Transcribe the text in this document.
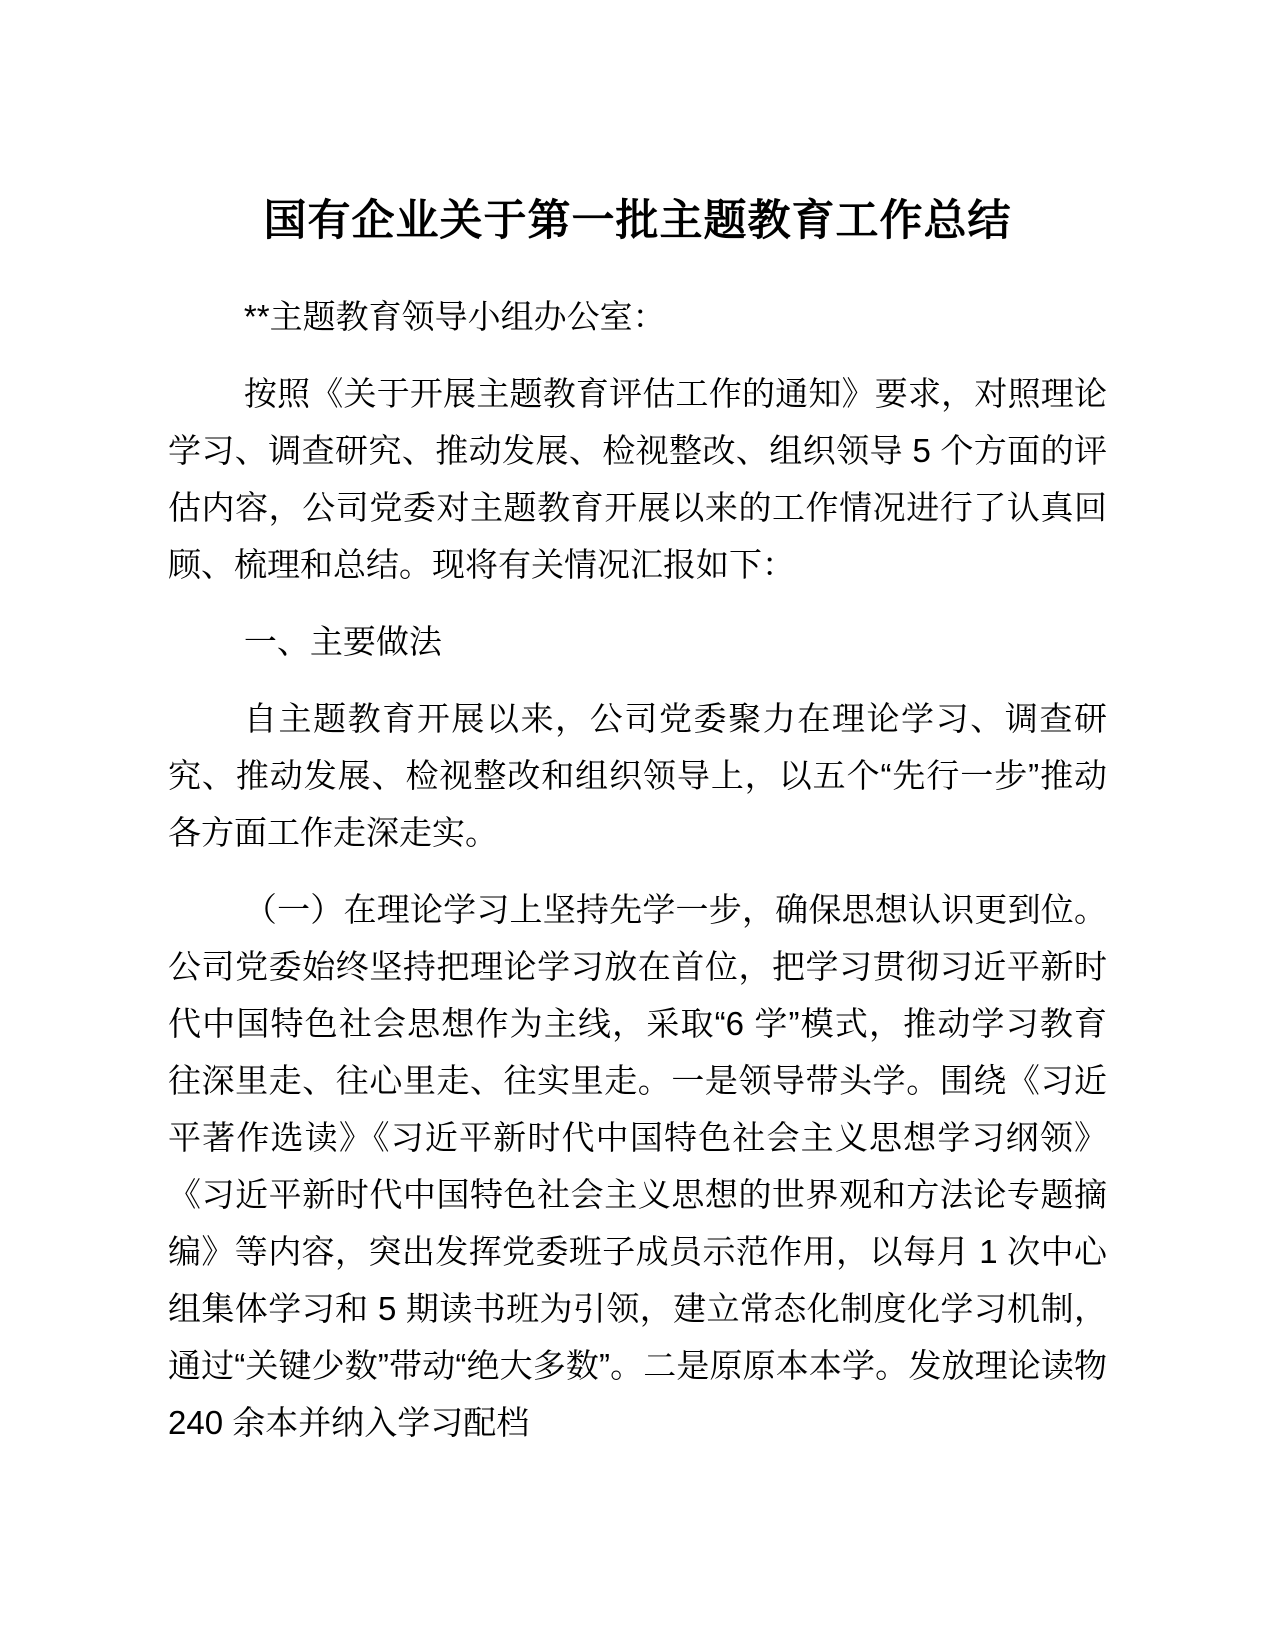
国有企业关于第一批主题教育工作总结

**主题教育领导小组办公室：

按照《关于开展主题教育评估工作的通知》要求，对照理论学习、调查研究、推动发展、检视整改、组织领导 5 个方面的评估内容，公司党委对主题教育开展以来的工作情况进行了认真回顾、梳理和总结。现将有关情况汇报如下：

一、主要做法

自主题教育开展以来，公司党委聚力在理论学习、调查研究、推动发展、检视整改和组织领导上，以五个“先行一步”推动各方面工作走深走实。

（一）在理论学习上坚持先学一步，确保思想认识更到位。公司党委始终坚持把理论学习放在首位，把学习贯彻习近平新时代中国特色社会思想作为主线，采取“6 学”模式，推动学习教育往深里走、往心里走、往实里走。一是领导带头学。围绕《习近平著作选读》《习近平新时代中国特色社会主义思想学习纲领》《习近平新时代中国特色社会主义思想的世界观和方法论专题摘编》等内容，突出发挥党委班子成员示范作用，以每月 1 次中心组集体学习和 5 期读书班为引领，建立常态化制度化学习机制，通过“关键少数”带动“绝大多数”。二是原原本本学。发放理论读物 240 余本并纳入学习配档
